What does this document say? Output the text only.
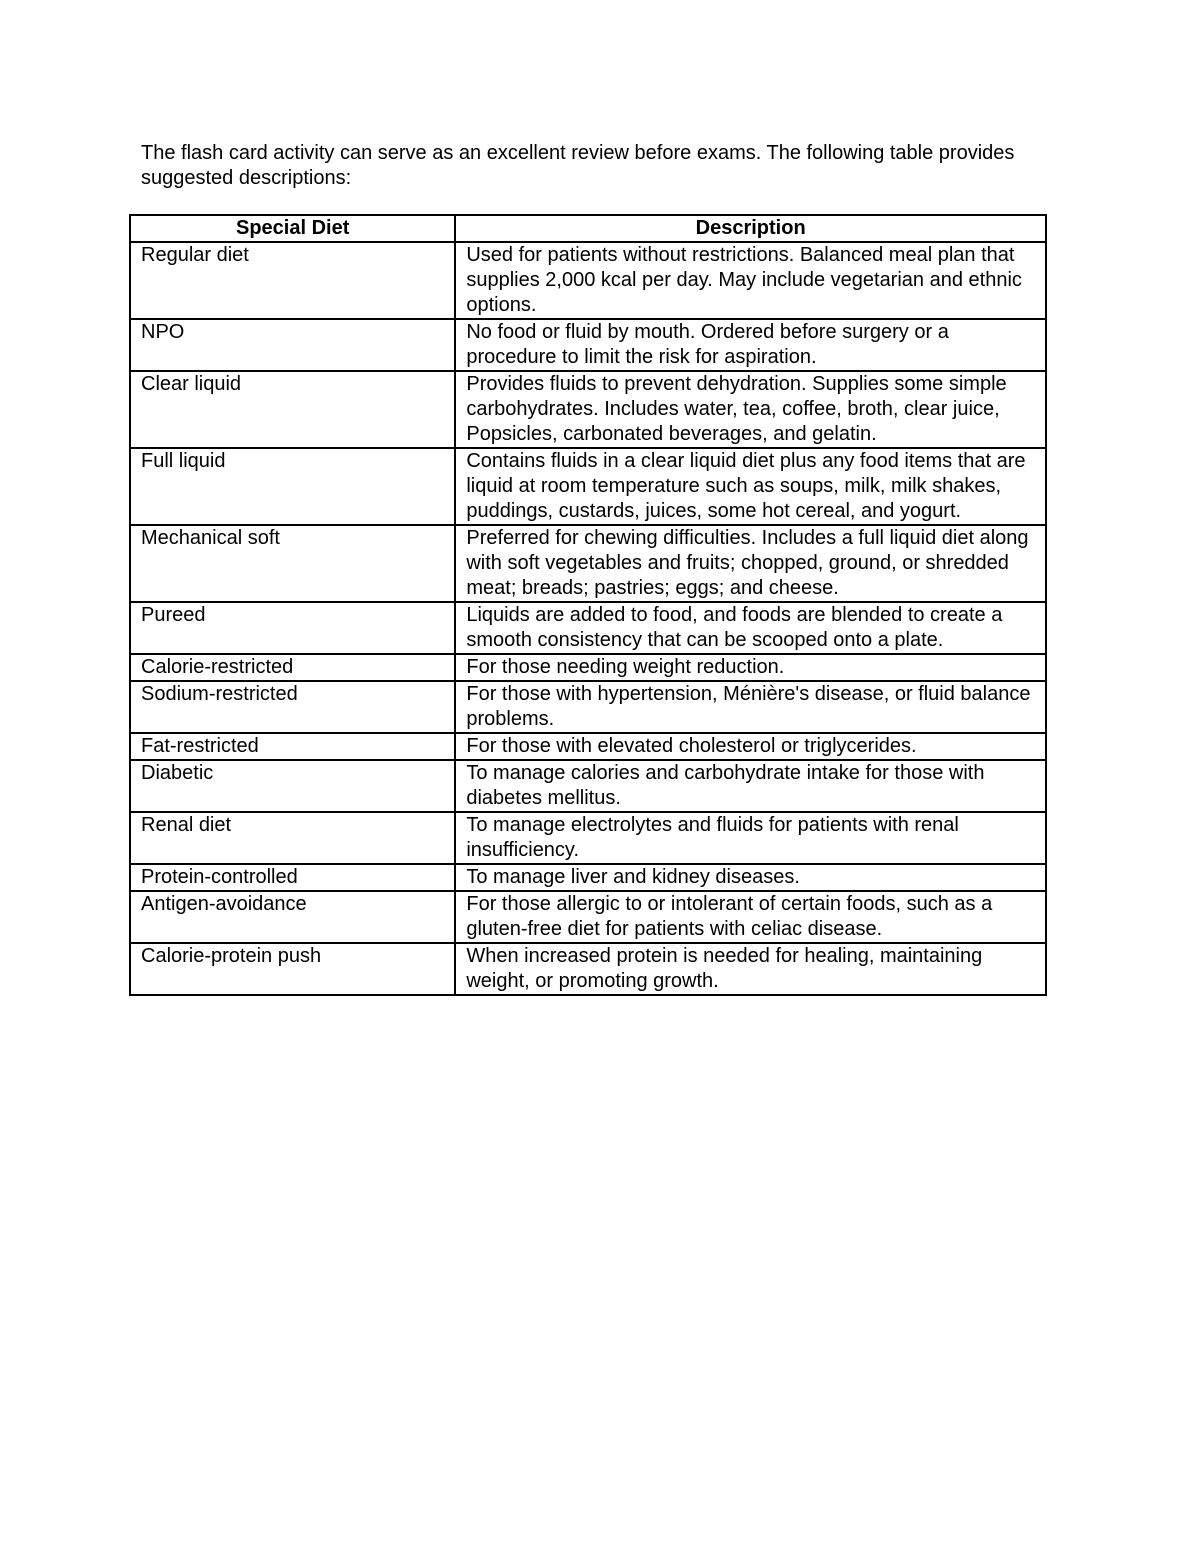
The flash card activity can serve as an excellent review before exams. The following table provides suggested descriptions:

Special Diet	Description
Regular diet	Used for patients without restrictions. Balanced meal plan that supplies 2,000 kcal per day. May include vegetarian and ethnic options.
NPO	No food or fluid by mouth. Ordered before surgery or a procedure to limit the risk for aspiration.
Clear liquid	Provides fluids to prevent dehydration. Supplies some simple carbohydrates. Includes water, tea, coffee, broth, clear juice, Popsicles, carbonated beverages, and gelatin.
Full liquid	Contains fluids in a clear liquid diet plus any food items that are liquid at room temperature such as soups, milk, milk shakes, puddings, custards, juices, some hot cereal, and yogurt.
Mechanical soft	Preferred for chewing difficulties. Includes a full liquid diet along with soft vegetables and fruits; chopped, ground, or shredded meat; breads; pastries; eggs; and cheese.
Pureed	Liquids are added to food, and foods are blended to create a smooth consistency that can be scooped onto a plate.
Calorie-restricted	For those needing weight reduction.
Sodium-restricted	For those with hypertension, Ménière's disease, or fluid balance problems.
Fat-restricted	For those with elevated cholesterol or triglycerides.
Diabetic	To manage calories and carbohydrate intake for those with diabetes mellitus.
Renal diet	To manage electrolytes and fluids for patients with renal insufficiency.
Protein-controlled	To manage liver and kidney diseases.
Antigen-avoidance	For those allergic to or intolerant of certain foods, such as a gluten-free diet for patients with celiac disease.
Calorie-protein push	When increased protein is needed for healing, maintaining weight, or promoting growth.
